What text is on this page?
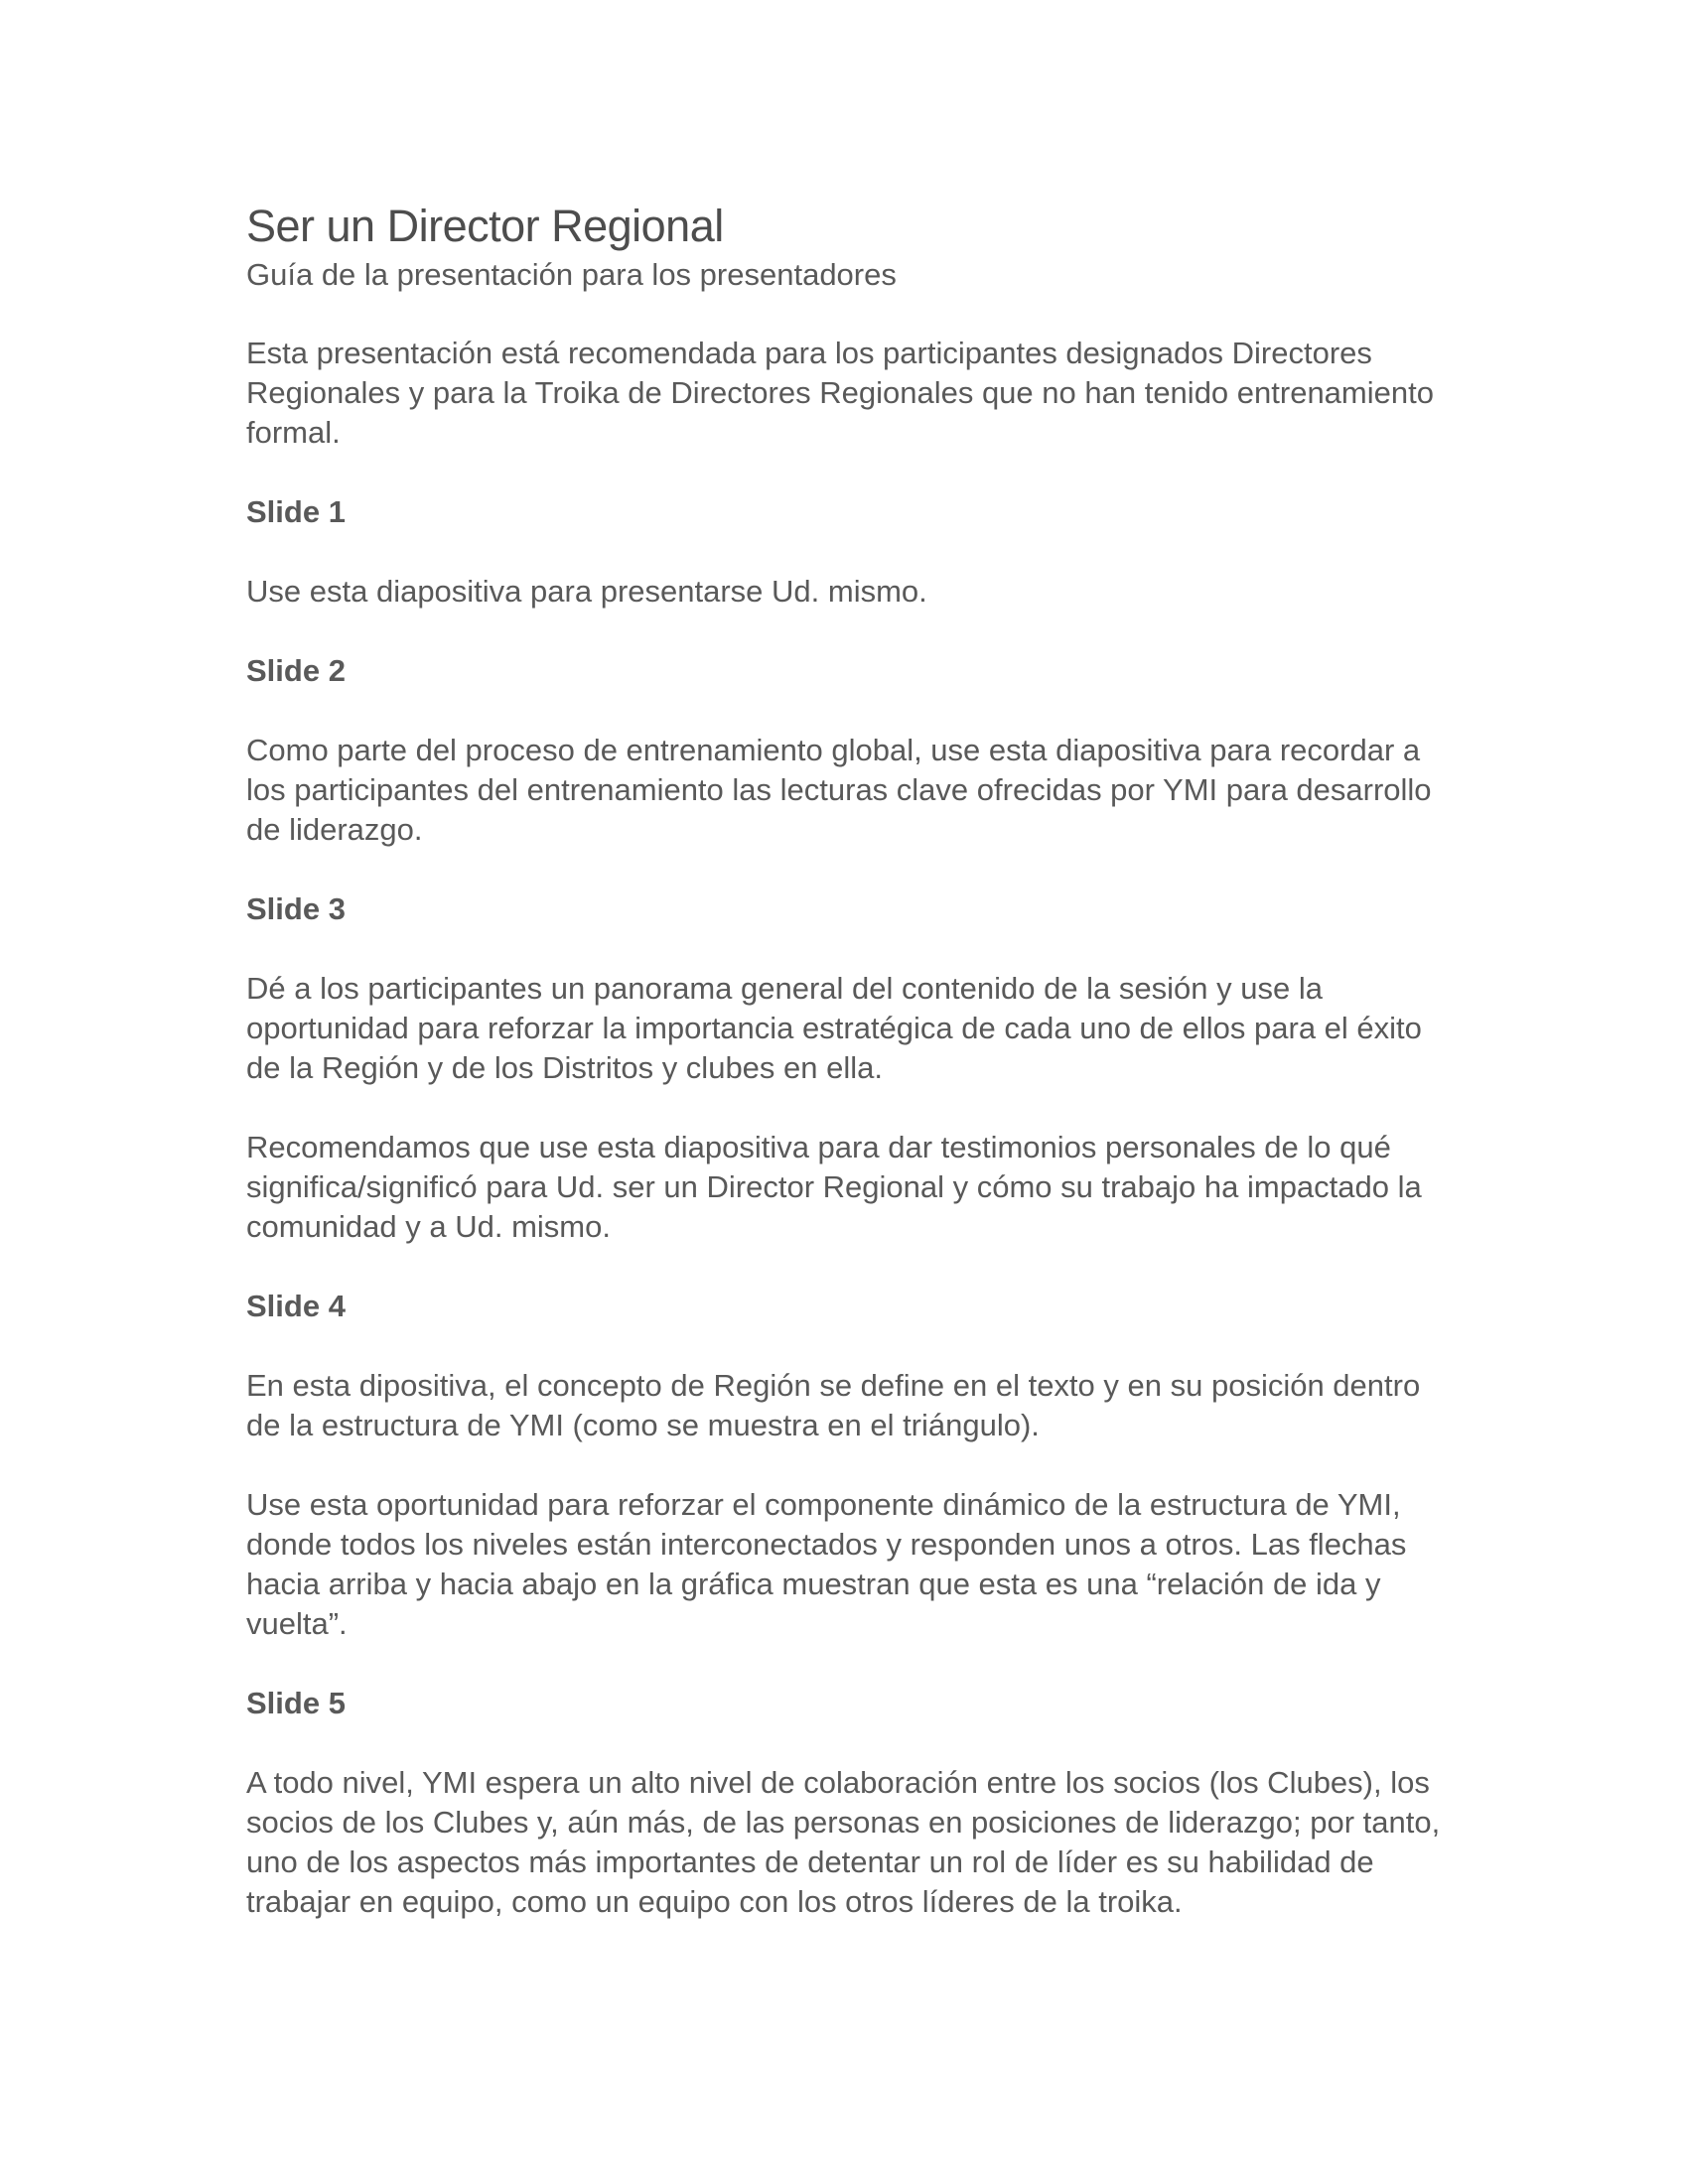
Ser un Director Regional

Guía de la presentación para los presentadores

Esta presentación está recomendada para los participantes designados Directores Regionales y para la Troika de Directores Regionales que no han tenido entrenamiento formal.

Slide 1

Use esta diapositiva para presentarse Ud. mismo.

Slide 2

Como parte del proceso de entrenamiento global, use esta diapositiva para recordar a los participantes del entrenamiento las lecturas clave ofrecidas por YMI para desarrollo de liderazgo.

Slide 3

Dé a los participantes un panorama general del contenido de la sesión y use la oportunidad para reforzar la importancia estratégica de cada uno de ellos para el éxito de la Región y de los Distritos y clubes en ella.

Recomendamos que use esta diapositiva para dar testimonios personales de lo qué significa/significó para Ud. ser un Director Regional y cómo su trabajo ha impactado la comunidad y a Ud. mismo.

Slide 4

En esta dipositiva, el concepto de Región se define en el texto y en su posición dentro de la estructura de YMI (como se muestra en el triángulo).

Use esta oportunidad para reforzar el componente dinámico de la estructura de YMI, donde todos los niveles están interconectados y responden unos a otros. Las flechas hacia arriba y hacia abajo en la gráfica muestran que esta es una “relación de ida y vuelta”.

Slide 5

A todo nivel, YMI espera un alto nivel de colaboración entre los socios (los Clubes), los socios de los Clubes y, aún más, de las personas en posiciones de liderazgo; por tanto, uno de los aspectos más importantes de detentar un rol de líder es su habilidad de trabajar en equipo, como un equipo con los otros líderes de la troika.
